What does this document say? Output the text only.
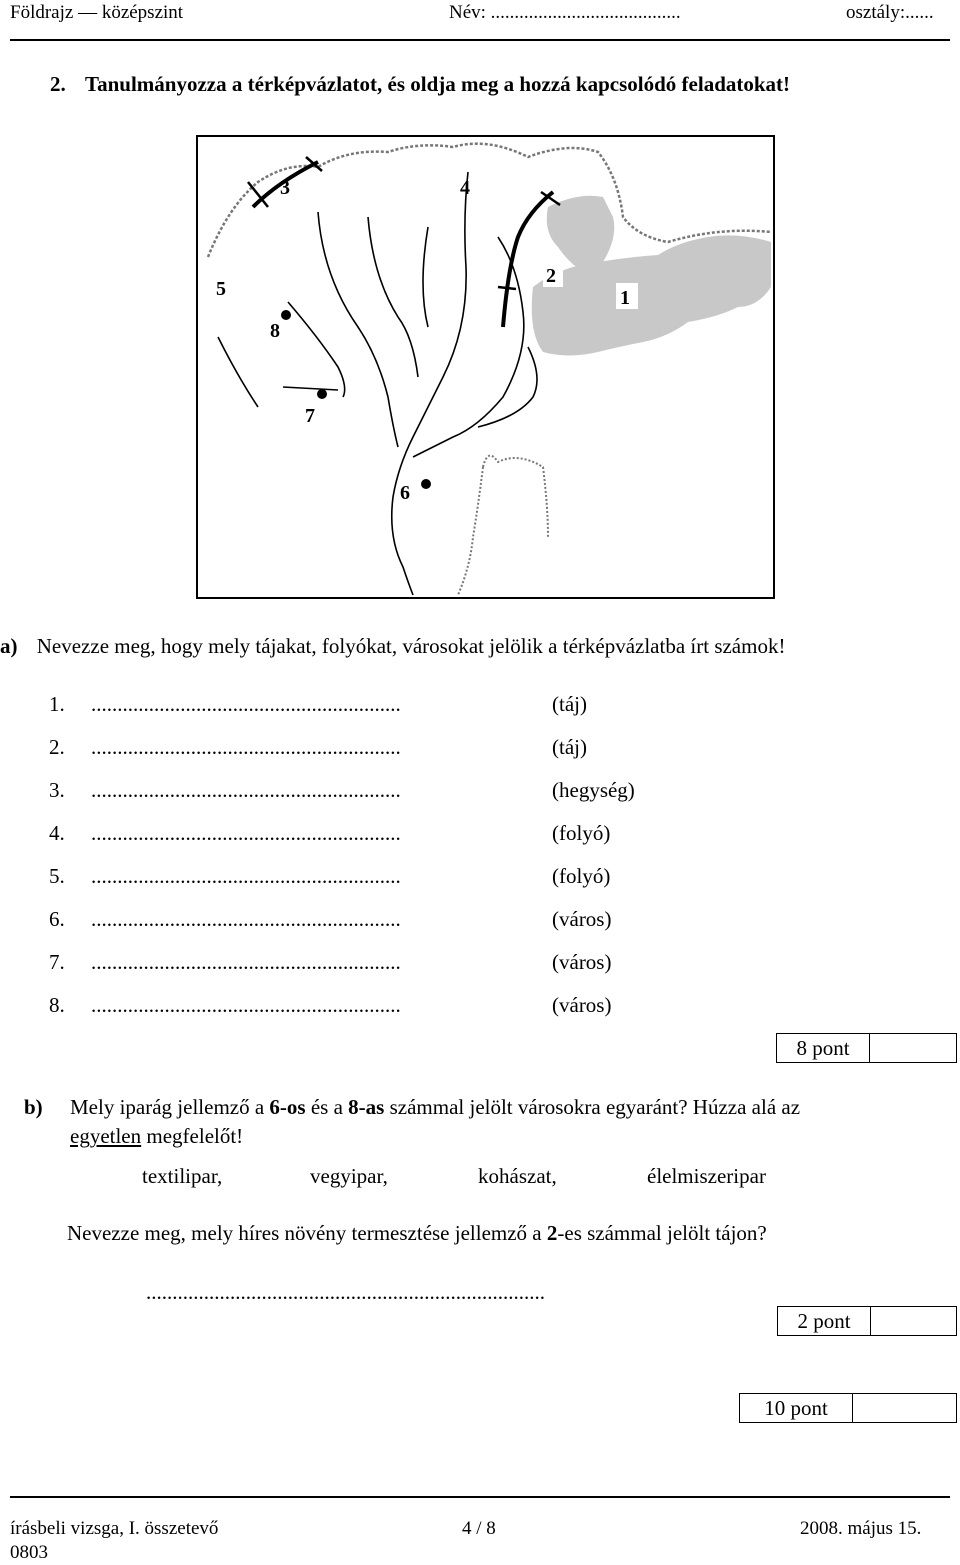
Földrajz — középszint	Név: ........................................	osztály:......
2. Tanulmányozza a térképvázlatot, és oldja meg a hozzá kapcsolódó feladatokat!
1
2
3	4
5
6
7
8
a) Nevezze meg, hogy mely tájakat, folyókat, városokat jelölik a térképvázlatba írt számok!
1. ...........................................................	(táj)
2. ...........................................................	(táj)
3. ...........................................................	(hegység)
4. ...........................................................	(folyó)
5. ...........................................................	(folyó)
6. ...........................................................	(város)
7. ...........................................................	(város)
8. ...........................................................	(város)
8 pont
b) Mely iparág jellemző a 6-os és a 8-as számmal jelölt városokra egyaránt? Húzza alá az
egyetlen megfelelőt!
textilipar,	vegyipar,	kohászat,	élelmiszeripar
Nevezze meg, mely híres növény termesztése jellemző a 2-es számmal jelölt tájon?
............................................................................
2 pont
10 pont
írásbeli vizsga, I. összetevő
0803
4 / 8	2008. május 15.
